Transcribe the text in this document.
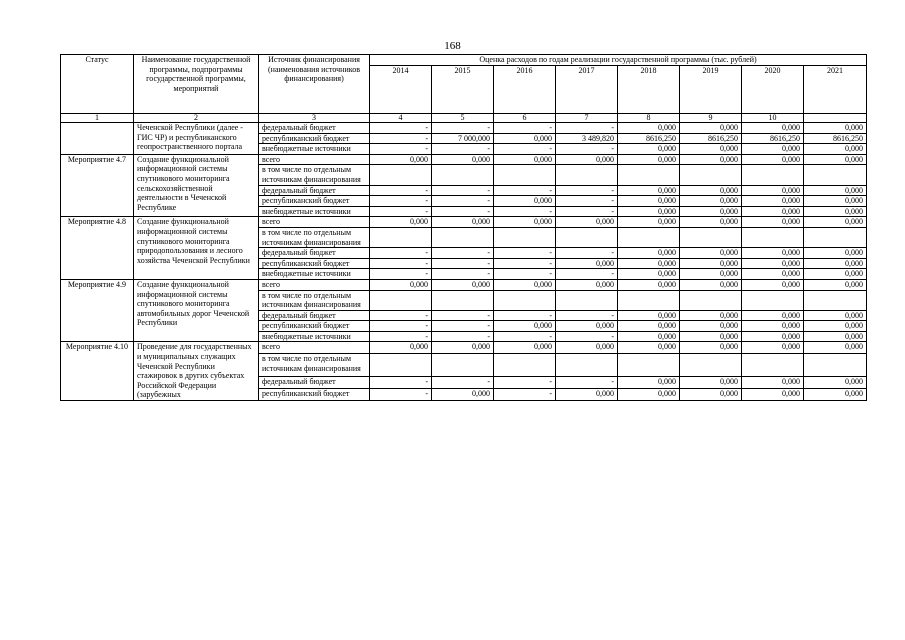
168
Статус	Наименование государственной программы, подпрограммы государственной программы, мероприятий	Источник финансирования (наименования источников финансирования)	Оценка расходов по годам реализации государственной программы (тыс. рублей)							
			2014	2015	2016	2017	2018	2019	2020	2021
1	2	3	4	5	6	7	8	9	10	
	Чеченской Республики (далее - ГИС ЧР) и республиканского геопространственного портала	федеральный бюджет	-	-	-	-	0,000	0,000	0,000	0,000
		республиканский бюджет	-	7 000,000	0,000	3 489,820	8616,250	8616,250	8616,250	8616,250
		внебюджетные источники	-	-	-	-	0,000	0,000	0,000	0,000
Мероприятие 4.7	Создание функциональной информационной системы спутникового мониторинга сельскохозяйственной деятельности в Чеченской Республике	всего	0,000	0,000	0,000	0,000	0,000	0,000	0,000	0,000
		в том числе по отдельным источникам финансирования								
		федеральный бюджет	-	-	-	-	0,000	0,000	0,000	0,000
		республиканский бюджет	-	-	0,000	-	0,000	0,000	0,000	0,000
		внебюджетные источники	-	-	-	-	0,000	0,000	0,000	0,000
Мероприятие 4.8	Создание функциональной информационной системы спутникового мониторинга природопользования и лесного хозяйства Чеченской Республики	всего	0,000	0,000	0,000	0,000	0,000	0,000	0,000	0,000
		в том числе по отдельным источникам финансирования								
		федеральный бюджет	-	-	-	-	0,000	0,000	0,000	0,000
		республиканский бюджет	-	-	-	0,000	0,000	0,000	0,000	0,000
		внебюджетные источники	-	-	-	-	0,000	0,000	0,000	0,000
Мероприятие 4.9	Создание функциональной информационной системы спутникового мониторинга автомобильных дорог Чеченской Республики	всего	0,000	0,000	0,000	0,000	0,000	0,000	0,000	0,000
		в том числе по отдельным источникам финансирования								
		федеральный бюджет	-	-	-	-	0,000	0,000	0,000	0,000
		республиканский бюджет	-	-	0,000	0,000	0,000	0,000	0,000	0,000
		внебюджетные источники	-	-	-	-	0,000	0,000	0,000	0,000
Мероприятие 4.10	Проведение для государственных и муниципальных служащих Чеченской Республики стажировок в других субъектах Российской Федерации (зарубежных	всего	0,000	0,000	0,000	0,000	0,000	0,000	0,000	0,000
		в том числе по отдельным источникам финансирования								
		федеральный бюджет	-	-	-	-	0,000	0,000	0,000	0,000
		республиканский бюджет	-	0,000	-	0,000	0,000	0,000	0,000	0,000
